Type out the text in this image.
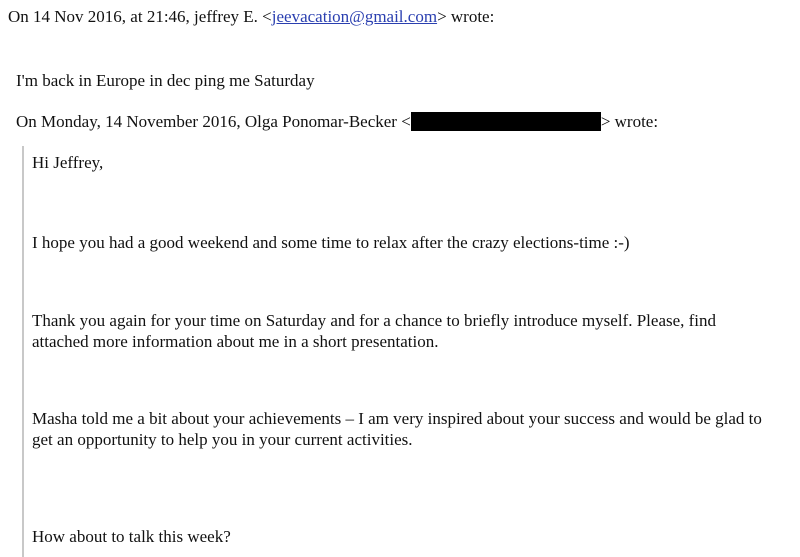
On 14 Nov 2016, at 21:46, jeffrey E. <jeevacation@gmail.com> wrote:
I'm back in Europe in dec ping me Saturday
On Monday, 14 November 2016, Olga Ponomar-Becker <	> wrote:
Hi Jeffrey,
I hope you had a good weekend and some time to relax after the crazy elections-time :-)
Thank you again for your time on Saturday and for a chance to briefly introduce myself. Please, find attached more information about me in a short presentation.
Masha told me a bit about your achievements – I am very inspired about your success and would be glad to get an opportunity to help you in your current activities.
How about to talk this week?
